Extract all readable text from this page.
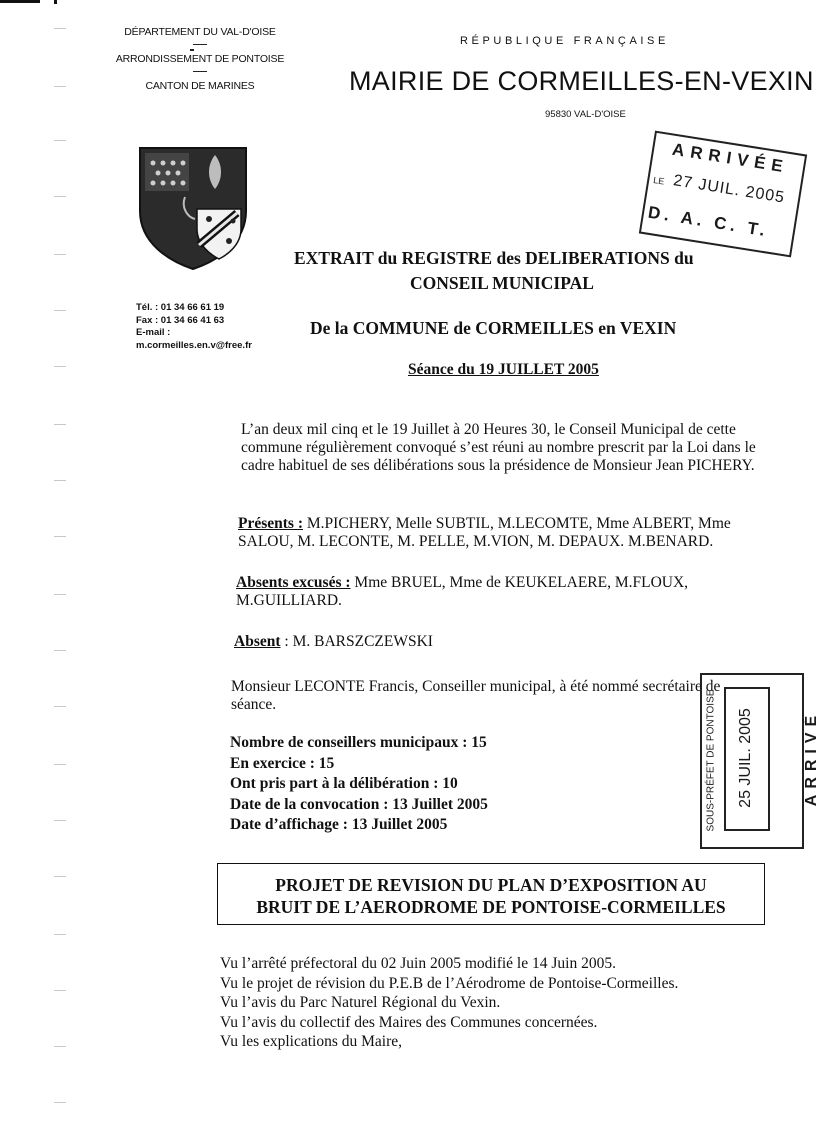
DÉPARTEMENT DU VAL-D'OISE
ARRONDISSEMENT DE PONTOISE
CANTON DE MARINES
RÉPUBLIQUE FRANÇAISE
MAIRIE DE CORMEILLES-EN-VEXIN
95830 VAL-D'OISE
Tél. : 01 34 66 61 19
Fax : 01 34 66 41 63
E-mail :
m.cormeilles.en.v@free.fr
ARRIVÉE
LE 27 JUIL. 2005
D. A. C. T.
EXTRAIT du REGISTRE des DELIBERATIONS du
CONSEIL MUNICIPAL
De la COMMUNE de CORMEILLES en VEXIN
Séance du 19 JUILLET 2005

L’an deux mil cinq et le 19 Juillet à 20 Heures 30, le Conseil Municipal de cette commune régulièrement convoqué s’est réuni au nombre prescrit par la Loi dans le cadre habituel de ses délibérations sous la présidence de Monsieur Jean PICHERY.

Présents : M.PICHERY, Melle SUBTIL, M.LECOMTE, Mme ALBERT, Mme SALOU, M. LECONTE, M. PELLE, M.VION, M. DEPAUX. M.BENARD.

Absents excusés : Mme BRUEL, Mme de KEUKELAERE, M.FLOUX, M.GUILLIARD.

Absent : M. BARSZCZEWSKI

Monsieur LECONTE Francis, Conseiller municipal, à été nommé secrétaire de séance.

Nombre de conseillers municipaux : 15
En exercice : 15
Ont pris part à la délibération : 10
Date de la convocation : 13 Juillet 2005
Date d’affichage : 13 Juillet 2005	SOUS-PRÉFET DE PONTOISE 25 JUIL. 2005	ARRIVÉ
PROJET DE REVISION DU PLAN D’EXPOSITION AU
BRUIT DE L’AERODROME DE PONTOISE-CORMEILLES
Vu l’arrêté préfectoral du 02 Juin 2005 modifié le 14 Juin 2005.
Vu le projet de révision du P.E.B de l’Aérodrome de Pontoise-Cormeilles.
Vu l’avis du Parc Naturel Régional du Vexin.
Vu l’avis du collectif des Maires des Communes concernées.
Vu les explications du Maire,
